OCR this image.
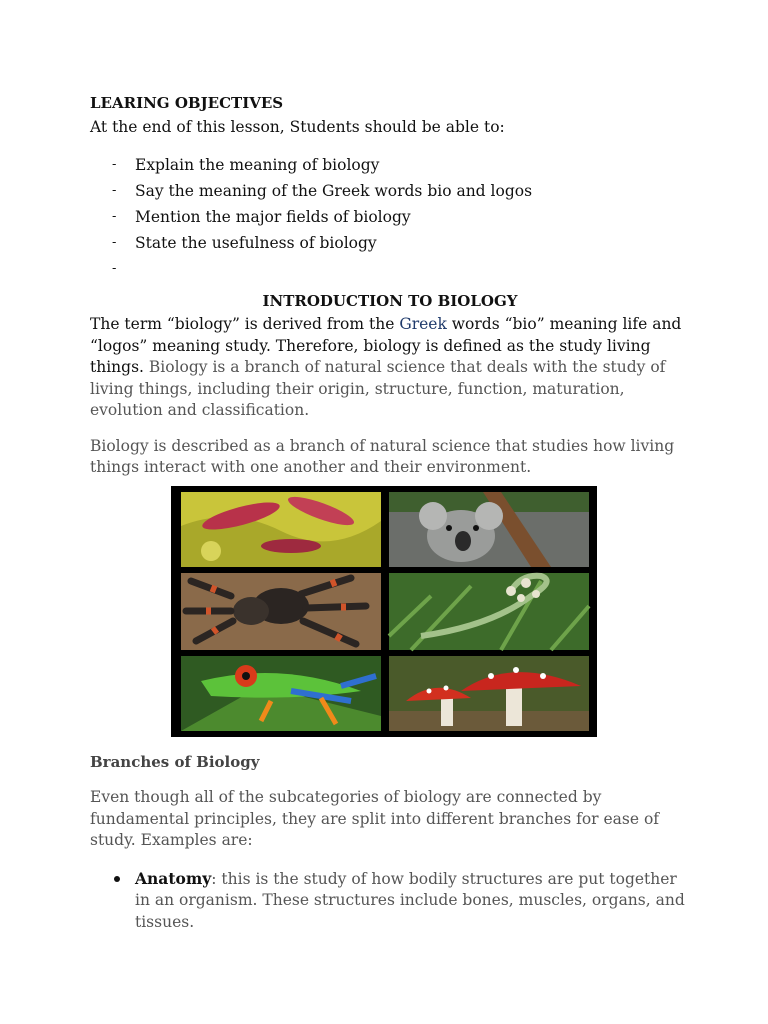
LEARING OBJECTIVES

At the end of this lesson, Students should be able to:

- Explain the meaning of biology
- Say the meaning of the Greek words bio and logos
- Mention the major fields of biology
- State the usefulness of biology
-

INTRODUCTION TO BIOLOGY

The term “biology” is derived from the Greek words “bio” meaning life and “logos” meaning study. Therefore, biology is defined as the study living things. Biology is a branch of natural science that deals with the study of living things, including their origin, structure, function, maturation, evolution and classification.

Biology is described as a branch of natural science that studies how living things interact with one another and their environment.

Branches of Biology

Even though all of the subcategories of biology are connected by fundamental principles, they are split into different branches for ease of study. Examples are:

Anatomy: this is the study of how bodily structures are put together in an organism. These structures include bones, muscles, organs, and tissues.
